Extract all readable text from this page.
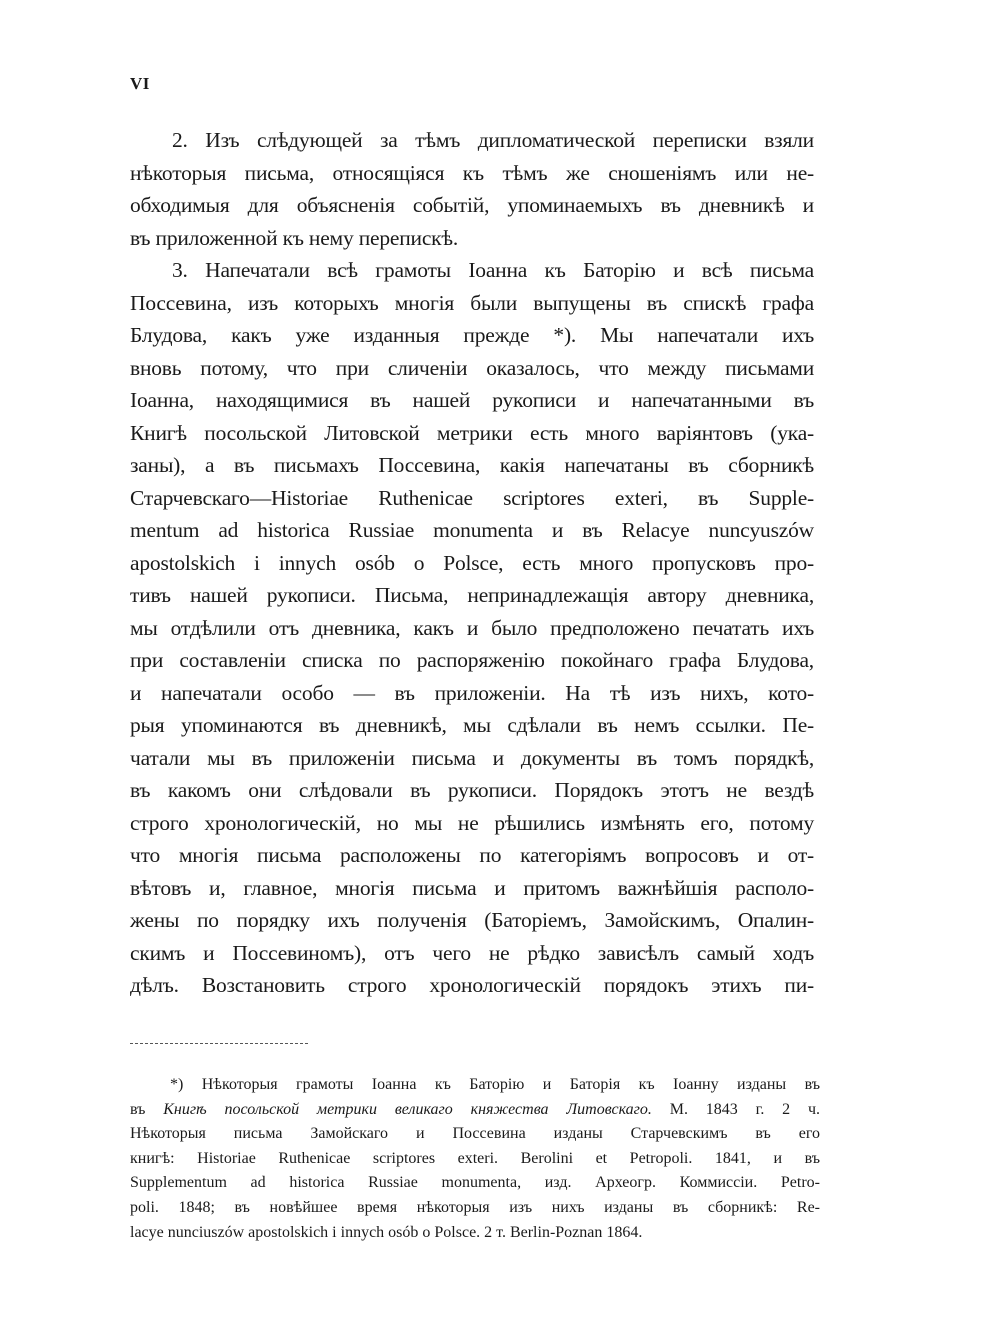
VI
2. Изъ слѣдующей за тѣмъ дипломатической переписки взяли
нѣкоторыя письма, относящіяся къ тѣмъ же сношеніямъ или не-
обходимыя для объясненія событій, упоминаемыхъ въ дневникѣ и
въ приложенной къ нему перепискѣ.
3. Напечатали всѣ грамоты Іоанна къ Баторію и всѣ письма
Поссевина, изъ которыхъ многія были выпущены въ спискѣ графа
Блудова, какъ уже изданныя прежде *). Мы напечатали ихъ
вновь потому, что при сличеніи оказалось, что между письмами
Іоанна, находящимися въ нашей рукописи и напечатанными въ
Книгѣ посольской Литовской метрики есть много варіянтовъ (ука-
заны), а въ письмахъ Поссевина, какія напечатаны въ сборникѣ
Старчевскаго—Historiae Ruthenicae scriptores exteri, въ Supple-
mentum ad historica Russiae monumenta и въ Relacye nuncyuszów
apostolskich i innych osób o Polsce, есть много пропусковъ про-
тивъ нашей рукописи. Письма, непринадлежащія автору дневника,
мы отдѣлили отъ дневника, какъ и было предположено печатать ихъ
при составленіи списка по распоряженію покойнаго графа Блудова,
и напечатали особо — въ приложеніи. На тѣ изъ нихъ, кото-
рыя упоминаются въ дневникѣ, мы сдѣлали въ немъ ссылки. Пе-
чатали мы въ приложеніи письма и документы въ томъ порядкѣ,
въ какомъ они слѣдовали въ рукописи. Порядокъ этотъ не вездѣ
строго хронологическій, но мы не рѣшились измѣнять его, потому
что многія письма расположены по категоріямъ вопросовъ и от-
вѣтовъ и, главное, многія письма и притомъ важнѣйшія располо-
жены по порядку ихъ полученія (Баторіемъ, Замойскимъ, Опалин-
скимъ и Поссевиномъ), отъ чего не рѣдко зависѣлъ самый ходъ
дѣлъ. Возстановить строго хронологическій порядокъ этихъ пи-
*) Нѣкоторыя грамоты Іоанна къ Баторію и Баторія къ Іоанну изданы въ
въ Книгѣ посольской метрики великаго княжества Литовскаго. М. 1843 г. 2 ч.
Нѣкоторыя письма Замойскаго и Поссевина изданы Старчевскимъ въ его
книгѣ: Historiae Ruthenicae scriptores exteri. Berolini et Petropoli. 1841, и въ
Supplementum ad historica Russiae monumenta, изд. Археогр. Коммиссіи. Petro-
poli. 1848; въ новѣйшее время нѣкоторыя изъ нихъ изданы въ сборникѣ: Re-
lacye nunciuszów apostolskich i innych osób o Polsce. 2 т. Berlin-Poznan 1864.
